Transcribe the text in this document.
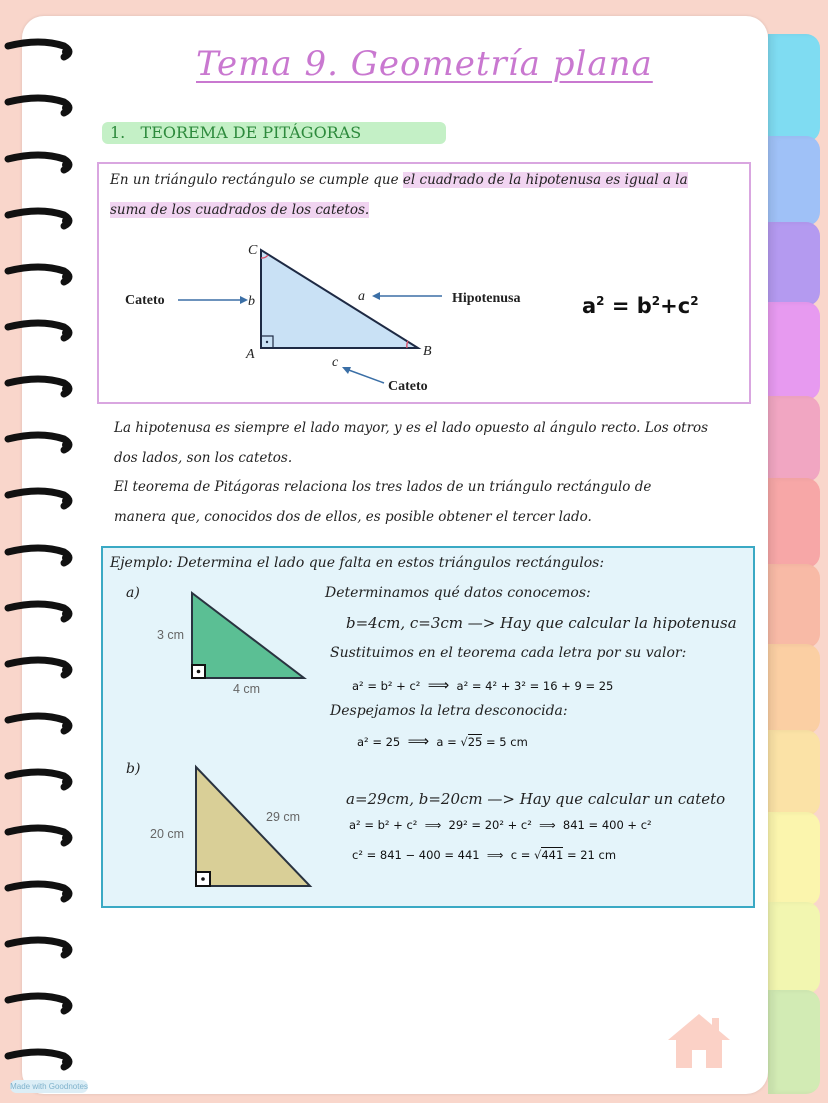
Tema 9. Geometría plana
1. TEOREMA DE PITÁGORAS
En un triángulo rectángulo se cumple que el cuadrado de la hipotenusa es igual a la
suma de los cuadrados de los catetos.
Cateto	Hipotenusa
Cateto
C
A	B
b	a
c
$a^2 = b^2+c^2$
La hipotenusa es siempre el lado mayor, y es el lado opuesto al ángulo recto. Los otros
dos lados, son los catetos.
El teorema de Pitágoras relaciona los tres lados de un triángulo rectángulo de
manera que, conocidos dos de ellos, es posible obtener el tercer lado.
Ejemplo: Determina el lado que falta en estos triángulos rectángulos:
a)
3 cm
4 cm
Determinamos qué datos conocemos:
b=4cm, c=3cm —> Hay que calcular la hipotenusa
Sustituimos en el teorema cada letra por su valor:
a² = b² + c² ⟹ a² = 4² + 3² = 16 + 9 = 25
Despejamos la letra desconocida:
a² = 25 ⟹ a = √25 = 5 cm
b)
20 cm
29 cm
a=29cm, b=20cm —> Hay que calcular un cateto
a² = b² + c²  ⟹  29² = 20² + c²  ⟹  841 = 400 + c²
c² = 841 − 400 = 441  ⟹  c = √441 = 21 cm
Made with Goodnotes
